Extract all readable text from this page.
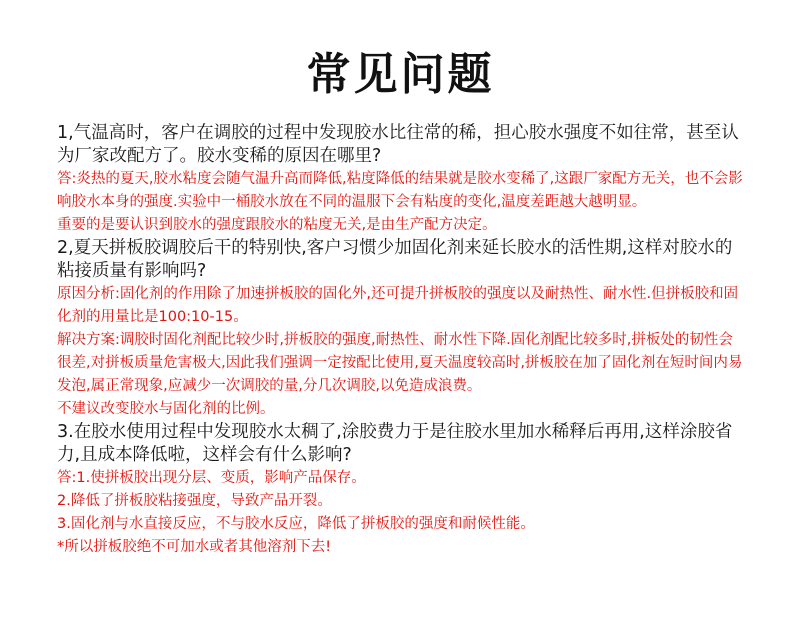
常见问题

1,气温高时，客户在调胶的过程中发现胶水比往常的稀，担心胶水强度不如往常，甚至认为厂家改配方了。胶水变稀的原因在哪里?

答:炎热的夏天,胶水粘度会随气温升高而降低,粘度降低的结果就是胶水变稀了,这跟厂家配方无关，也不会影响胶水本身的强度.实验中一桶胶水放在不同的温服下会有粘度的变化,温度差距越大越明显。

重要的是要认识到胶水的强度跟胶水的粘度无关,是由生产配方决定。

2,夏天拼板胶调胶后干的特别快,客户习惯少加固化剂来延长胶水的活性期,这样对胶水的粘接质量有影响吗?

原因分析:固化剂的作用除了加速拼板胶的固化外,还可提升拼板胶的强度以及耐热性、耐水性.但拼板胶和固化剂的用量比是100:10-15。

解决方案:调胶时固化剂配比较少时,拼板胶的强度,耐热性、耐水性下降.固化剂配比较多时,拼板处的韧性会很差,对拼板质量危害极大,因此我们强调一定按配比使用,夏天温度较高时,拼板胶在加了固化剂在短时间内易发泡,属正常现象,应减少一次调胶的量,分几次调胶,以免造成浪费。

不建议改变胶水与固化剂的比例。

3.在胶水使用过程中发现胶水太稠了,涂胶费力于是往胶水里加水稀释后再用,这样涂胶省力,且成本降低啦，这样会有什么影响?

答:1.使拼板胶出现分层、变质，影响产品保存。

2.降低了拼板胶粘接强度，导致产品开裂。

3.固化剂与水直接反应，不与胶水反应，降低了拼板胶的强度和耐候性能。

*所以拼板胶绝不可加水或者其他溶剂下去!
